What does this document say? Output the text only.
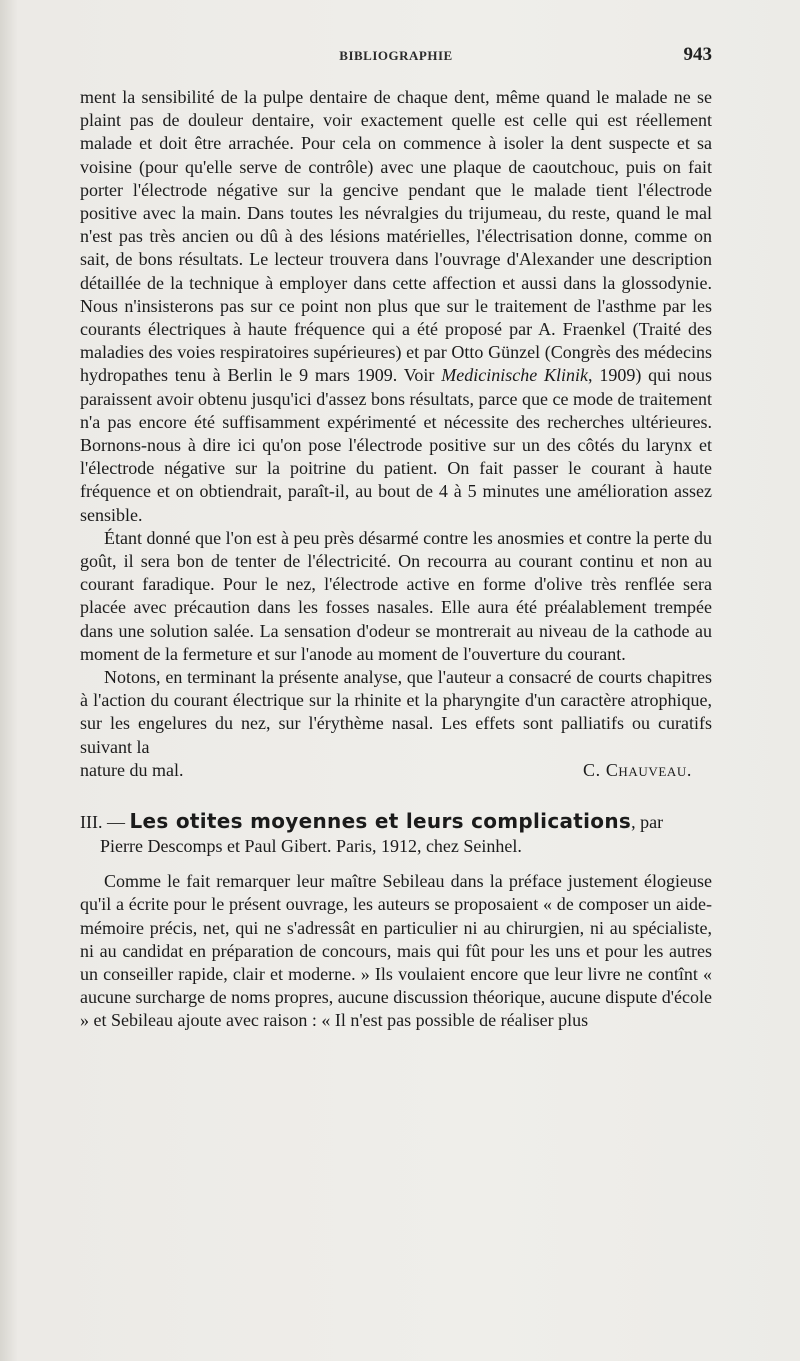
BIBLIOGRAPHIE	943

ment la sensibilité de la pulpe dentaire de chaque dent, même quand le malade ne se plaint pas de douleur dentaire, voir exactement quelle est celle qui est réellement malade et doit être arrachée. Pour cela on commence à isoler la dent suspecte et sa voisine (pour qu'elle serve de contrôle) avec une plaque de caoutchouc, puis on fait porter l'électrode négative sur la gencive pendant que le malade tient l'électrode positive avec la main. Dans toutes les névralgies du trijumeau, du reste, quand le mal n'est pas très ancien ou dû à des lésions matérielles, l'électrisation donne, comme on sait, de bons résultats. Le lecteur trouvera dans l'ouvrage d'Alexander une description détaillée de la technique à employer dans cette affection et aussi dans la glossodynie. Nous n'insisterons pas sur ce point non plus que sur le traitement de l'asthme par les courants électriques à haute fréquence qui a été proposé par A. Fraenkel (Traité des maladies des voies respiratoires supérieures) et par Otto Günzel (Congrès des médecins hydropathes tenu à Berlin le 9 mars 1909. Voir Medicinische Klinik, 1909) qui nous paraissent avoir obtenu jusqu'ici d'assez bons résultats, parce que ce mode de traitement n'a pas encore été suffisamment expérimenté et nécessite des recherches ultérieures. Bornons-nous à dire ici qu'on pose l'électrode positive sur un des côtés du larynx et l'électrode négative sur la poitrine du patient. On fait passer le courant à haute fréquence et on obtiendrait, paraît-il, au bout de 4 à 5 minutes une amélioration assez sensible.

Étant donné que l'on est à peu près désarmé contre les anosmies et contre la perte du goût, il sera bon de tenter de l'électricité. On recourra au courant continu et non au courant faradique. Pour le nez, l'électrode active en forme d'olive très renflée sera placée avec précaution dans les fosses nasales. Elle aura été préalablement trempée dans une solution salée. La sensation d'odeur se montrerait au niveau de la cathode au moment de la fermeture et sur l'anode au moment de l'ouverture du courant.

Notons, en terminant la présente analyse, que l'auteur a consacré de courts chapitres à l'action du courant électrique sur la rhinite et la pharyngite d'un caractère atrophique, sur les engelures du nez, sur l'érythème nasal. Les effets sont palliatifs ou curatifs suivant la

nature du mal.	C. Chauveau.

III. — Les otites moyennes et leurs complications, par

Pierre Descomps et Paul Gibert. Paris, 1912, chez Seinhel.

Comme le fait remarquer leur maître Sebileau dans la préface justement élogieuse qu'il a écrite pour le présent ouvrage, les auteurs se proposaient « de composer un aide-mémoire précis, net, qui ne s'adressât en particulier ni au chirurgien, ni au spécialiste, ni au candidat en préparation de concours, mais qui fût pour les uns et pour les autres un conseiller rapide, clair et moderne. » Ils voulaient encore que leur livre ne contînt « aucune surcharge de noms propres, aucune discussion théorique, aucune dispute d'école » et Sebileau ajoute avec raison : « Il n'est pas possible de réaliser plus
